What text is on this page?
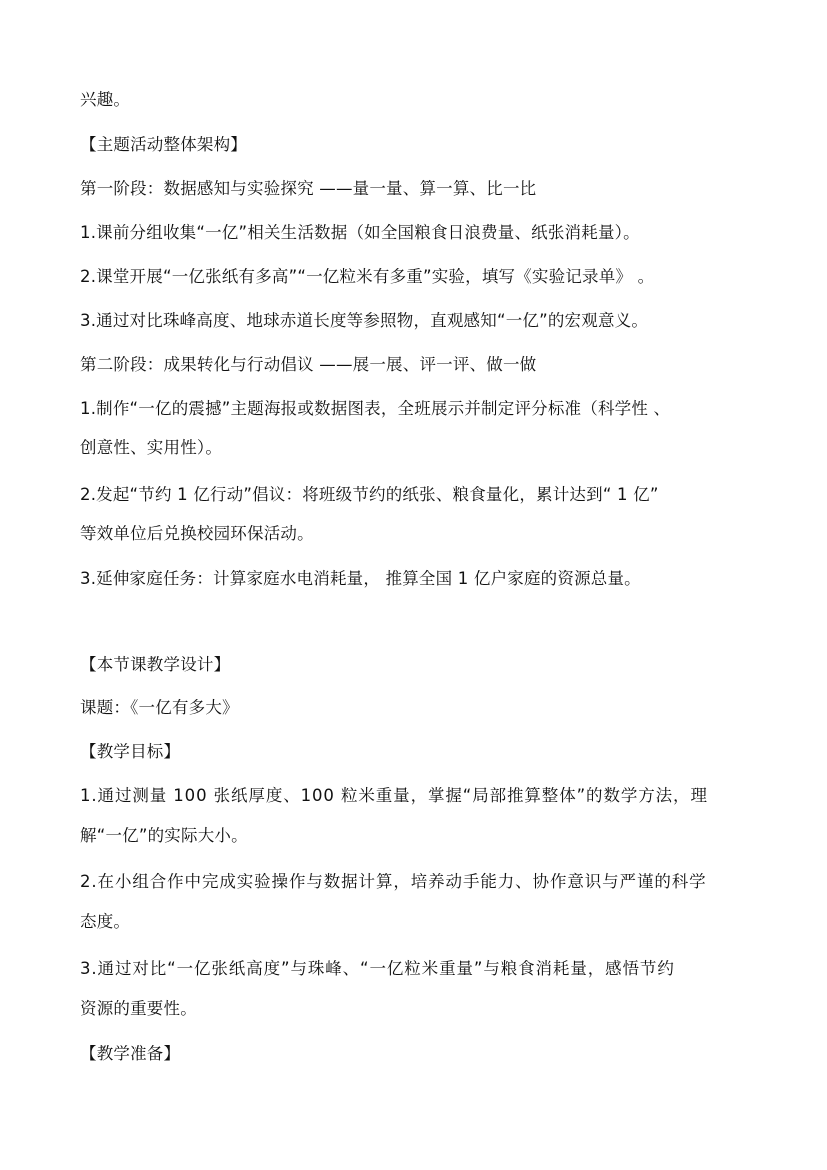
兴趣。
【主题活动整体架构】
第一阶段：数据感知与实验探究 ——量一量、算一算、比一比
1.课前分组收集“一亿”相关生活数据（如全国粮食日浪费量、纸张消耗量）。
2.课堂开展“一亿张纸有多高”“一亿粒米有多重”实验，填写《实验记录单》 。
3.通过对比珠峰高度、地球赤道长度等参照物，直观感知“一亿”的宏观意义。
第二阶段：成果转化与行动倡议 ——展一展、评一评、做一做
1.制作“一亿的震撼”主题海报或数据图表，全班展示并制定评分标准（科学性 、
创意性、实用性）。
2.发起“节约 1 亿行动”倡议：将班级节约的纸张、粮食量化，累计达到“ 1 亿”
等效单位后兑换校园环保活动。
3.延伸家庭任务：计算家庭水电消耗量， 推算全国 1 亿户家庭的资源总量。
【本节课教学设计】
课题：《一亿有多大》
【教学目标】
1.通过测量 100 张纸厚度、100 粒米重量，掌握“局部推算整体”的数学方法，理
解“一亿”的实际大小。
2.在小组合作中完成实验操作与数据计算，培养动手能力、协作意识与严谨的科学
态度。
3.通过对比“一亿张纸高度”与珠峰、“一亿粒米重量”与粮食消耗量，感悟节约
资源的重要性。
【教学准备】
